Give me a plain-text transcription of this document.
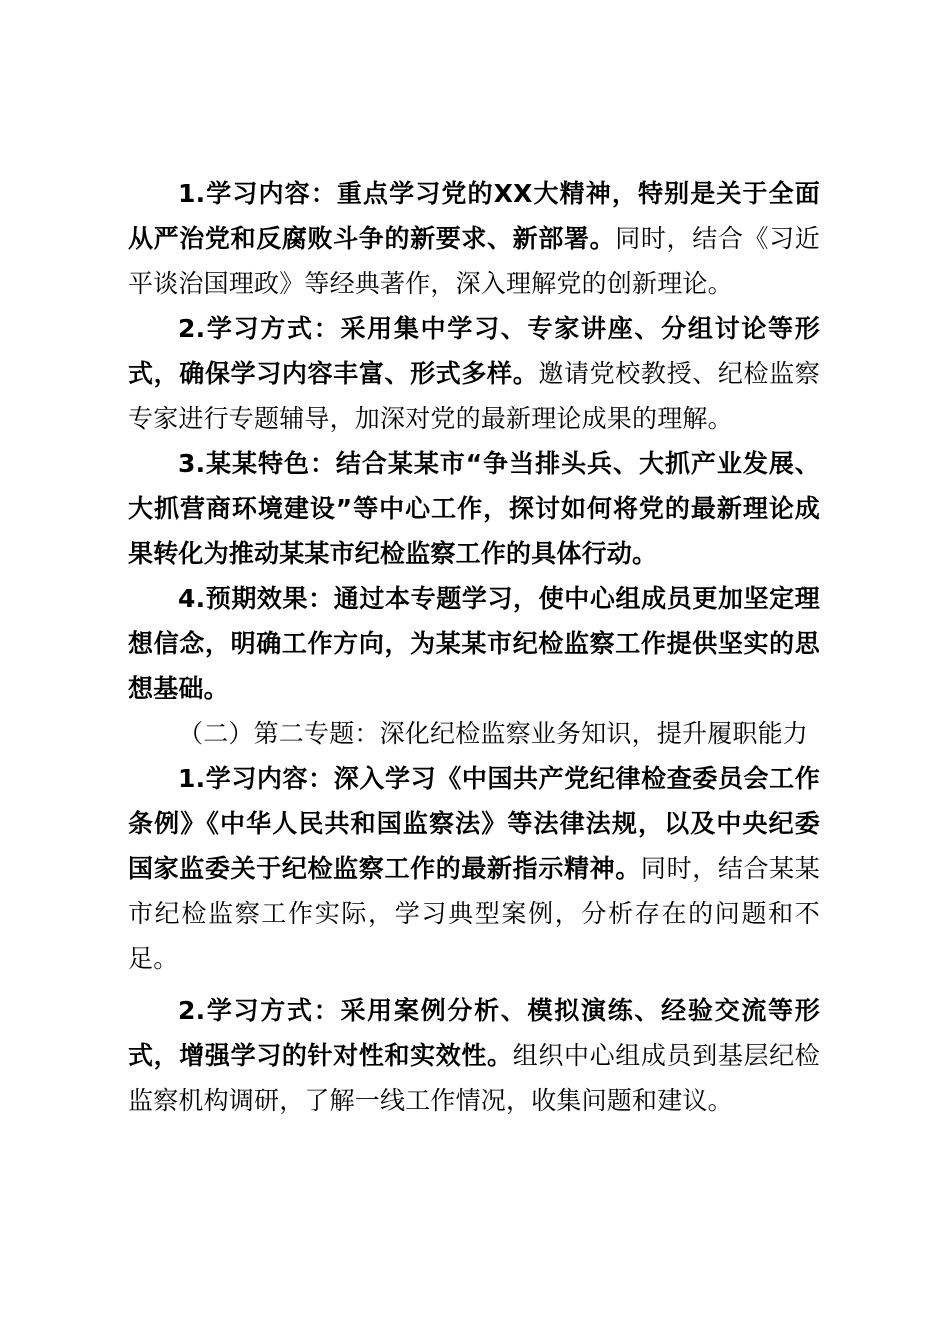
1.学习内容：重点学习党的XX大精神，特别是关于全面从严治党和反腐败斗争的新要求、新部署。同时，结合《习近平谈治国理政》等经典著作，深入理解党的创新理论。

2.学习方式：采用集中学习、专家讲座、分组讨论等形式，确保学习内容丰富、形式多样。邀请党校教授、纪检监察专家进行专题辅导，加深对党的最新理论成果的理解。

3.某某特色：结合某某市“争当排头兵、大抓产业发展、大抓营商环境建设”等中心工作，探讨如何将党的最新理论成果转化为推动某某市纪检监察工作的具体行动。

4.预期效果：通过本专题学习，使中心组成员更加坚定理想信念，明确工作方向，为某某市纪检监察工作提供坚实的思想基础。

（二）第二专题：深化纪检监察业务知识，提升履职能力

1.学习内容：深入学习《中国共产党纪律检查委员会工作条例》《中华人民共和国监察法》等法律法规，以及中央纪委国家监委关于纪检监察工作的最新指示精神。同时，结合某某市纪检监察工作实际，学习典型案例，分析存在的问题和不足。

2.学习方式：采用案例分析、模拟演练、经验交流等形式，增强学习的针对性和实效性。组织中心组成员到基层纪检监察机构调研，了解一线工作情况，收集问题和建议。
